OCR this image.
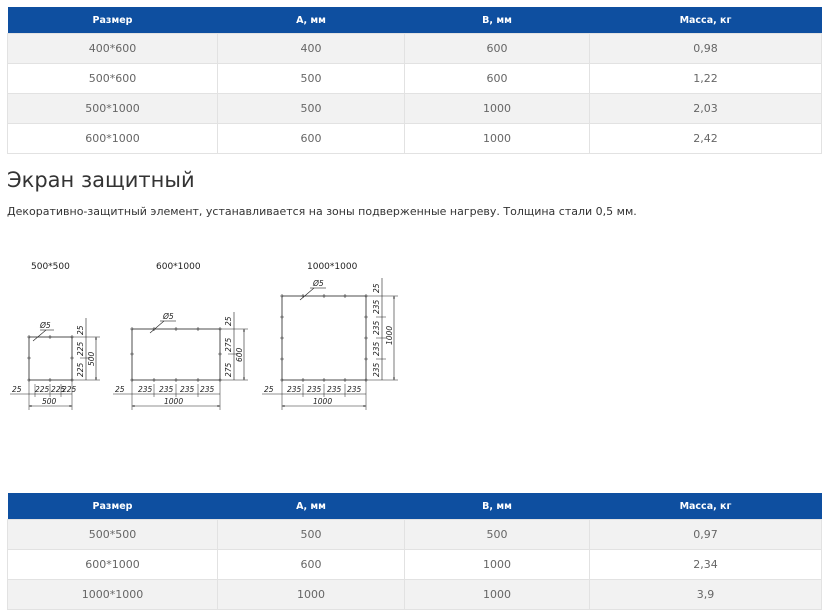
Размер	А, мм	В, мм	Масса, кг
400*600	400	600	0,98
500*600	500	600	1,22
500*1000	500	1000	2,03
600*1000	600	1000	2,42
Экран защитный

Декоративно-защитный элемент, устанавливается на зоны подверженные нагреву. Толщина стали 0,5 мм.

500*500
Ø5
25 225 225
225
500
25
225
225
500
600*1000
Ø5
25 235 235 235 235
1000
25
275
275
600
1000*1000
Ø5
25 235 235 235 235
1000
25
235
235
235
235
1000
Размер	А, мм	В, мм	Масса, кг
500*500	500	500	0,97
600*1000	600	1000	2,34
1000*1000	1000	1000	3,9
